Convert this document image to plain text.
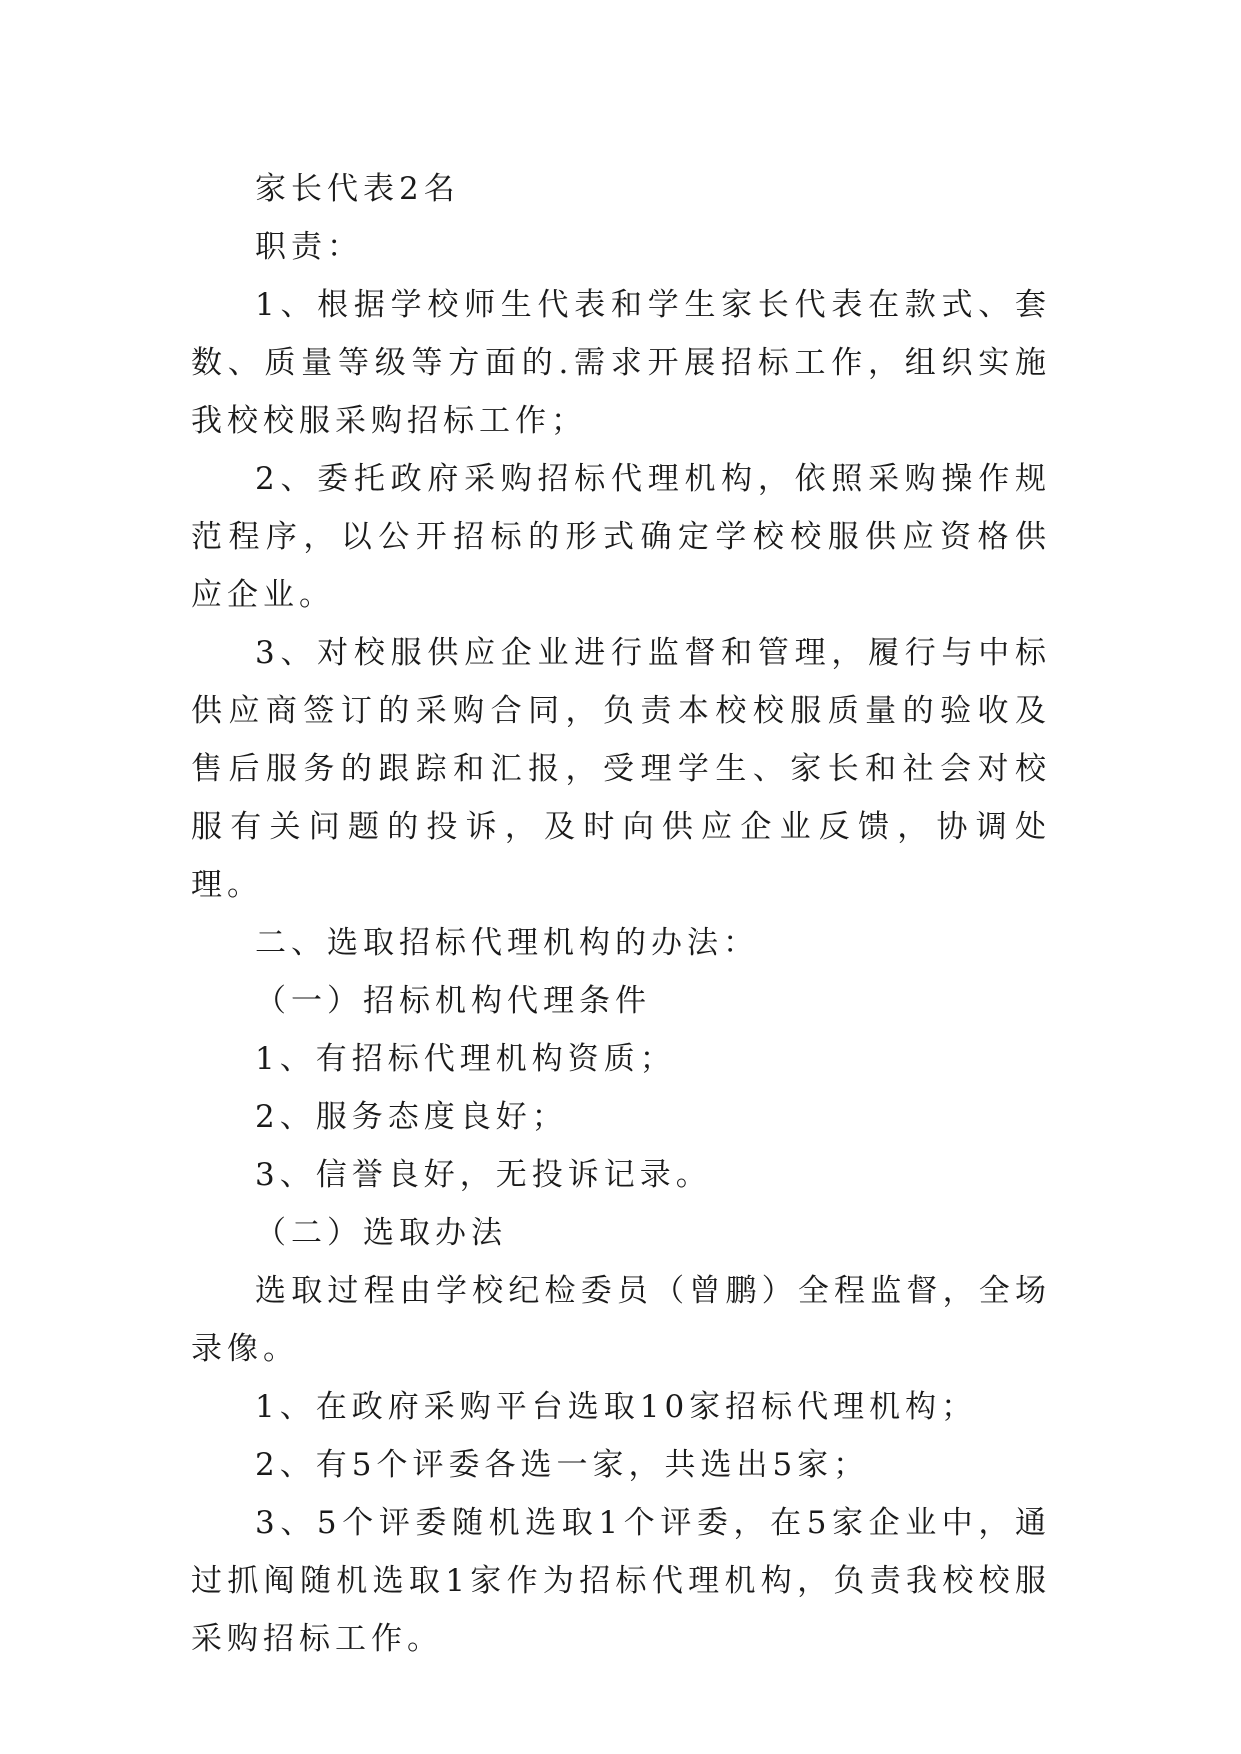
家长代表2名

职责：

1、根据学校师生代表和学生家长代表在款式、套数、质量等级等方面的.需求开展招标工作，组织实施我校校服采购招标工作；

2、委托政府采购招标代理机构，依照采购操作规范程序，以公开招标的形式确定学校校服供应资格供应企业。

3、对校服供应企业进行监督和管理，履行与中标供应商签订的采购合同，负责本校校服质量的验收及售后服务的跟踪和汇报，受理学生、家长和社会对校服有关问题的投诉，及时向供应企业反馈，协调处理。

二、选取招标代理机构的办法：

（一）招标机构代理条件

1、有招标代理机构资质；

2、服务态度良好；

3、信誉良好，无投诉记录。

（二）选取办法

选取过程由学校纪检委员（曾鹏）全程监督，全场录像。

1、在政府采购平台选取10家招标代理机构；

2、有5个评委各选一家，共选出5家；

3、5个评委随机选取1个评委，在5家企业中，通过抓阄随机选取1家作为招标代理机构，负责我校校服采购招标工作。
